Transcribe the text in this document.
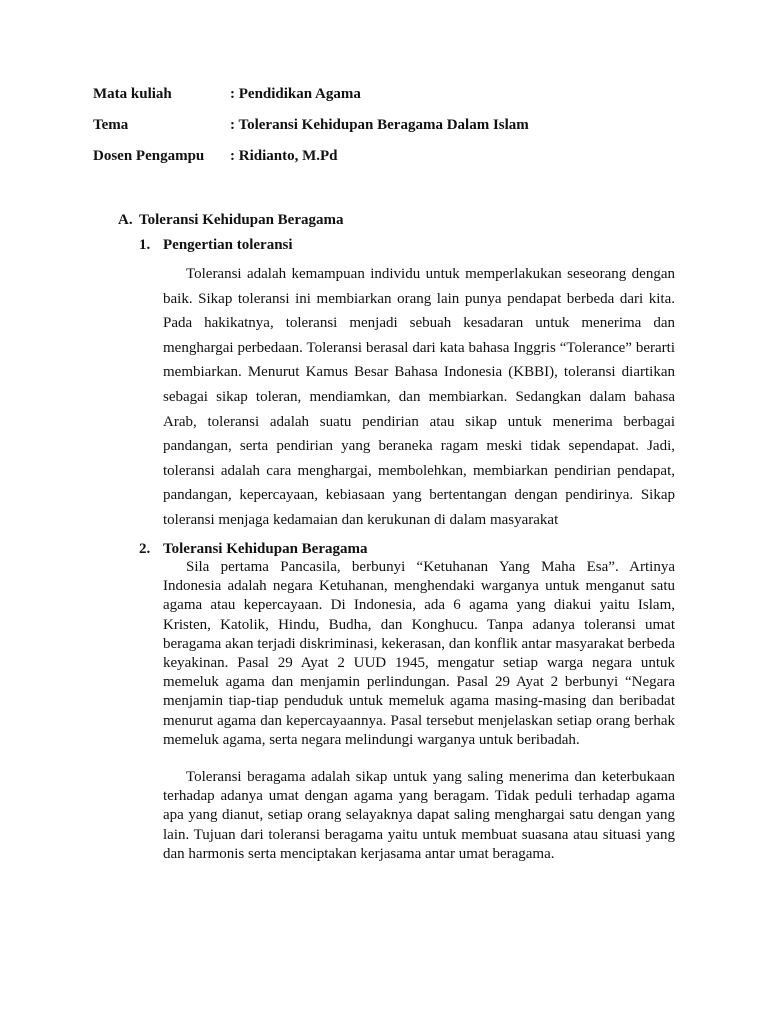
Mata kuliah	: Pendidikan Agama
Tema	: Toleransi Kehidupan Beragama Dalam Islam
Dosen Pengampu	: Ridianto, M.Pd
A. Toleransi Kehidupan Beragama
1. Pengertian toleransi

Toleransi adalah kemampuan individu untuk memperlakukan seseorang dengan baik. Sikap toleransi ini membiarkan orang lain punya pendapat berbeda dari kita. Pada hakikatnya, toleransi menjadi sebuah kesadaran untuk menerima dan menghargai perbedaan. Toleransi berasal dari kata bahasa Inggris “Tolerance” berarti membiarkan. Menurut Kamus Besar Bahasa Indonesia (KBBI), toleransi diartikan sebagai sikap toleran, mendiamkan, dan membiarkan. Sedangkan dalam bahasa Arab, toleransi adalah suatu pendirian atau sikap untuk menerima berbagai pandangan, serta pendirian yang beraneka ragam meski tidak sependapat. Jadi, toleransi adalah cara menghargai, membolehkan, membiarkan pendirian pendapat, pandangan, kepercayaan, kebiasaan yang bertentangan dengan pendirinya. Sikap toleransi menjaga kedamaian dan kerukunan di dalam masyarakat

2. Toleransi Kehidupan Beragama

Sila pertama Pancasila, berbunyi “Ketuhanan Yang Maha Esa”. Artinya Indonesia adalah negara Ketuhanan, menghendaki warganya untuk menganut satu agama atau kepercayaan. Di Indonesia, ada 6 agama yang diakui yaitu Islam, Kristen, Katolik, Hindu, Budha, dan Konghucu. Tanpa adanya toleransi umat beragama akan terjadi diskriminasi, kekerasan, dan konflik antar masyarakat berbeda keyakinan. Pasal 29 Ayat 2 UUD 1945, mengatur setiap warga negara untuk memeluk agama dan menjamin perlindungan. Pasal 29 Ayat 2 berbunyi “Negara menjamin tiap-tiap penduduk untuk memeluk agama masing-masing dan beribadat menurut agama dan kepercayaannya. Pasal tersebut menjelaskan setiap orang berhak memeluk agama, serta negara melindungi warganya untuk beribadah.

Toleransi beragama adalah sikap untuk yang saling menerima dan keterbukaan terhadap adanya umat dengan agama yang beragam. Tidak peduli terhadap agama apa yang dianut, setiap orang selayaknya dapat saling menghargai satu dengan yang lain. Tujuan dari toleransi beragama yaitu untuk membuat suasana atau situasi yang dan harmonis serta menciptakan kerjasama antar umat beragama.
